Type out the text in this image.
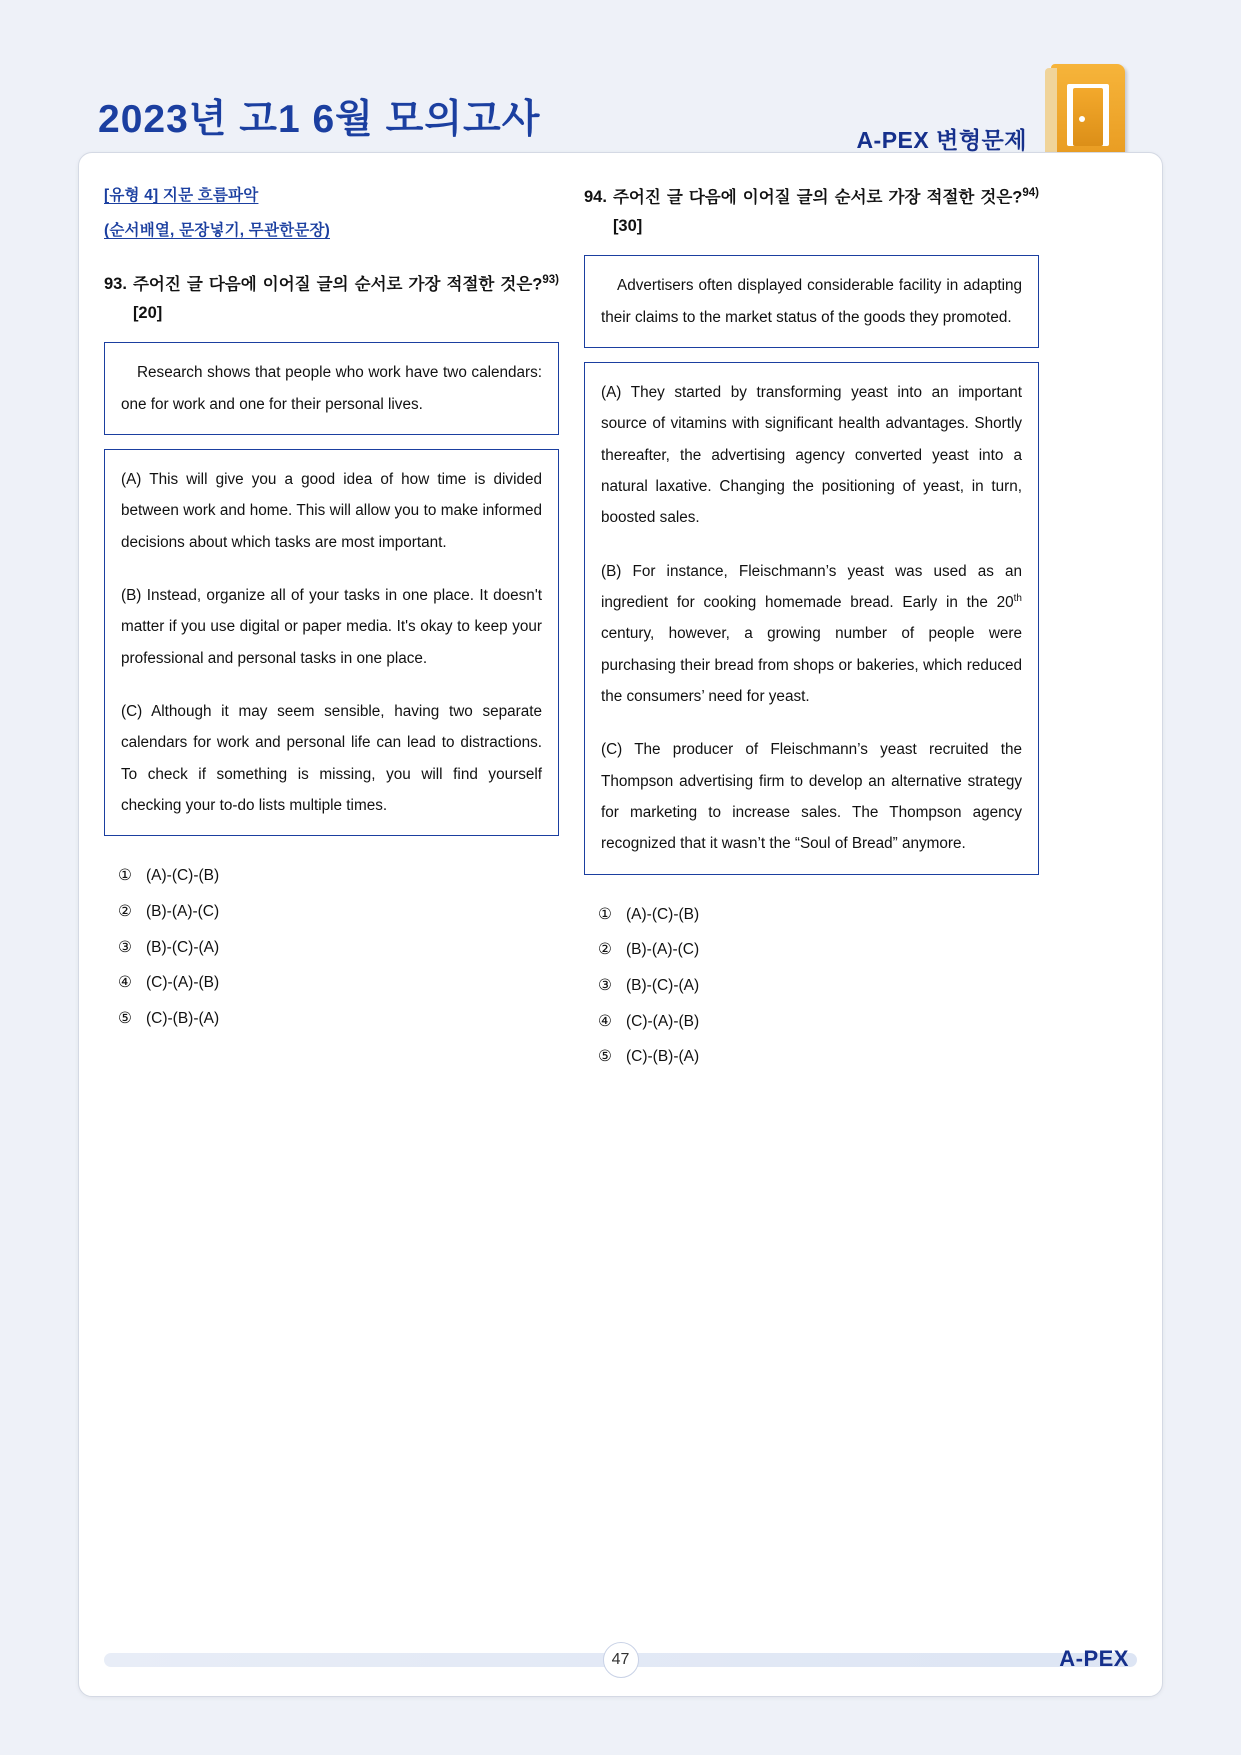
2023년 고1 6월 모의고사	A-PEX 변형문제
[유형 4] 지문 흐름파악
(순서배열, 문장넣기, 무관한문장)
93. 주어진 글 다음에 이어질 글의 순서로 가장 적절한 것은?$^{93)}$ [20]

Research shows that people who work have two calendars: one for work and one for their personal lives.

(A) This will give you a good idea of how time is divided between work and home. This will allow you to make informed decisions about which tasks are most important.

(B) Instead, organize all of your tasks in one place. It doesn't matter if you use digital or paper media. It's okay to keep your professional and personal tasks in one place.

(C) Although it may seem sensible, having two separate calendars for work and personal life can lead to distractions. To check if something is missing, you will find yourself checking your to-do lists multiple times.

① (A)-(C)-(B)
② (B)-(A)-(C)
③ (B)-(C)-(A)
④ (C)-(A)-(B)
⑤ (C)-(B)-(A)
94. 주어진 글 다음에 이어질 글의 순서로 가장 적절한 것은?$^{94)}$ [30]

Advertisers often displayed considerable facility in adapting their claims to the market status of the goods they promoted.

(A) They started by transforming yeast into an important source of vitamins with significant health advantages. Shortly thereafter, the advertising agency converted yeast into a natural laxative. Changing the positioning of yeast, in turn, boosted sales.

(B) For instance, Fleischmann’s yeast was used as an ingredient for cooking homemade bread. Early in the 20th century, however, a growing number of people were purchasing their bread from shops or bakeries, which reduced the consumers’ need for yeast.

(C) The producer of Fleischmann’s yeast recruited the Thompson advertising firm to develop an alternative strategy for marketing to increase sales. The Thompson agency recognized that it wasn’t the “Soul of Bread” anymore.

① (A)-(C)-(B)
② (B)-(A)-(C)
③ (B)-(C)-(A)
④ (C)-(A)-(B)
⑤ (C)-(B)-(A)
47	A-PEX
